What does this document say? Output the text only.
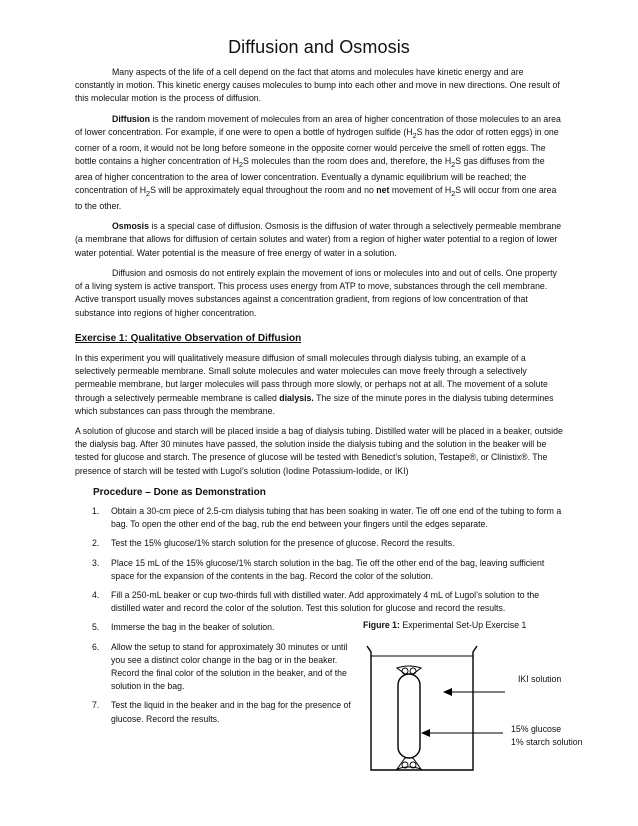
Diffusion and Osmosis

Many aspects of the life of a cell depend on the fact that atoms and molecules have kinetic energy and are constantly in motion. This kinetic energy causes molecules to bump into each other and move in new directions. One result of this molecular motion is the process of diffusion.

Diffusion is the random movement of molecules from an area of higher concentration of those molecules to an area of lower concentration. For example, if one were to open a bottle of hydrogen sulfide ($H_2S$ has the odor of rotten eggs) in one corner of a room, it would not be long before someone in the opposite corner would perceive the smell of rotten eggs. The bottle contains a higher concentration of $H_2S$ molecules than the room does and, therefore, the $H_2S$ gas diffuses from the area of higher concentration to the area of lower concentration. Eventually a dynamic equilibrium will be reached; the concentration of $H_2S$ will be approximately equal throughout the room and no net movement of $H_2S$ will occur from one area to the other.

Osmosis is a special case of diffusion. Osmosis is the diffusion of water through a selectively permeable membrane (a membrane that allows for diffusion of certain solutes and water) from a region of higher water potential to a region of lower water potential. Water potential is the measure of free energy of water in a solution.

Diffusion and osmosis do not entirely explain the movement of ions or molecules into and out of cells. One property of a living system is active transport. This process uses energy from ATP to move, substances through the cell membrane. Active transport usually moves substances against a concentration gradient, from regions of low concentration of that substance into regions of higher concentration.

Exercise 1: Qualitative Observation of Diffusion

In this experiment you will qualitatively measure diffusion of small molecules through dialysis tubing, an example of a selectively permeable membrane. Small solute molecules and water molecules can move freely through a selectively permeable membrane, but larger molecules will pass through more slowly, or perhaps not at all. The movement of a solute through a selectively permeable membrane is called dialysis. The size of the minute pores in the dialysis tubing determines which substances can pass through the membrane.

A solution of glucose and starch will be placed inside a bag of dialysis tubing. Distilled water will be placed in a beaker, outside the dialysis bag. After 30 minutes have passed, the solution inside the dialysis tubing and the solution in the beaker will be tested for glucose and starch. The presence of glucose will be tested with Benedict’s solution, Testape®, or Clinistix®. The presence of starch will be tested with Lugol’s solution (Iodine Potassium-Iodide, or IKI)

Procedure – Done as Demonstration

1. Obtain a 30-cm piece of 2.5-cm dialysis tubing that has been soaking in water. Tie off one end of the tubing to form a bag. To open the other end of the bag, rub the end between your fingers until the edges separate.
2. Test the 15% glucose/1% starch solution for the presence of glucose. Record the results.
3. Place 15 mL of the 15% glucose/1% starch solution in the bag. Tie off the other end of the bag, leaving sufficient space for the expansion of the contents in the bag. Record the color of the solution.
4. Fill a 250-mL beaker or cup two-thirds full with distilled water. Add approximately 4 mL of Lugol’s solution to the distilled water and record the color of the solution. Test this solution for glucose and record the results.
5. Immerse the bag in the beaker of solution.
6. Allow the setup to stand for approximately 30 minutes or until you see a distinct color change in the bag or in the beaker. Record the final color of the solution in the beaker, and of the solution in the bag.
7. Test the liquid in the beaker and in the bag for the presence of glucose. Record the results.
Figure 1: Experimental Set-Up Exercise 1
IKI solution
15% glucose
1% starch solution
